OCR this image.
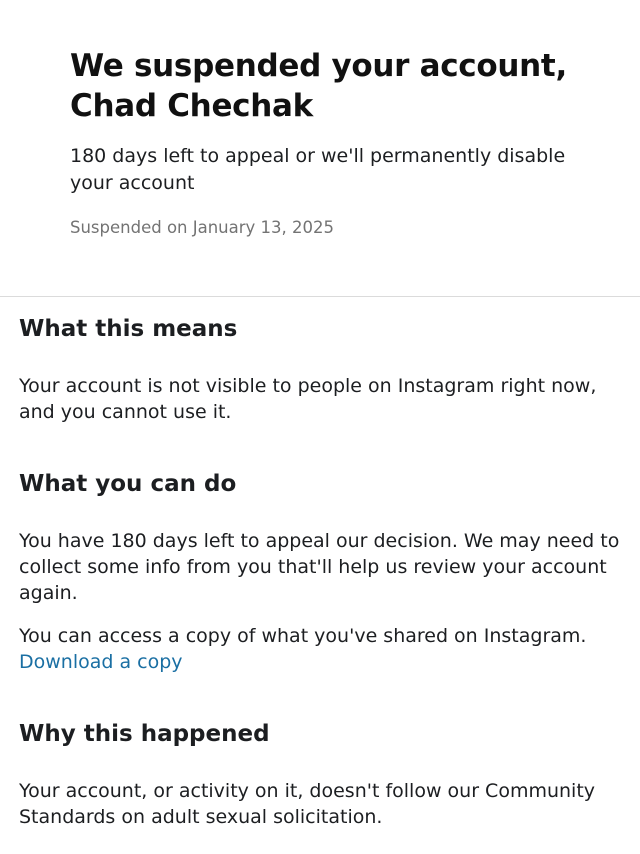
We suspended your account,
Chad Chechak

180 days left to appeal or we'll permanently disable your account

Suspended on January 13, 2025

What this means

Your account is not visible to people on Instagram right now, and you cannot use it.

What you can do

You have 180 days left to appeal our decision. We may need to collect some info from you that'll help us review your account again.

You can access a copy of what you've shared on Instagram.
Download a copy
Why this happened

Your account, or activity on it, doesn't follow our Community Standards on adult sexual solicitation.
